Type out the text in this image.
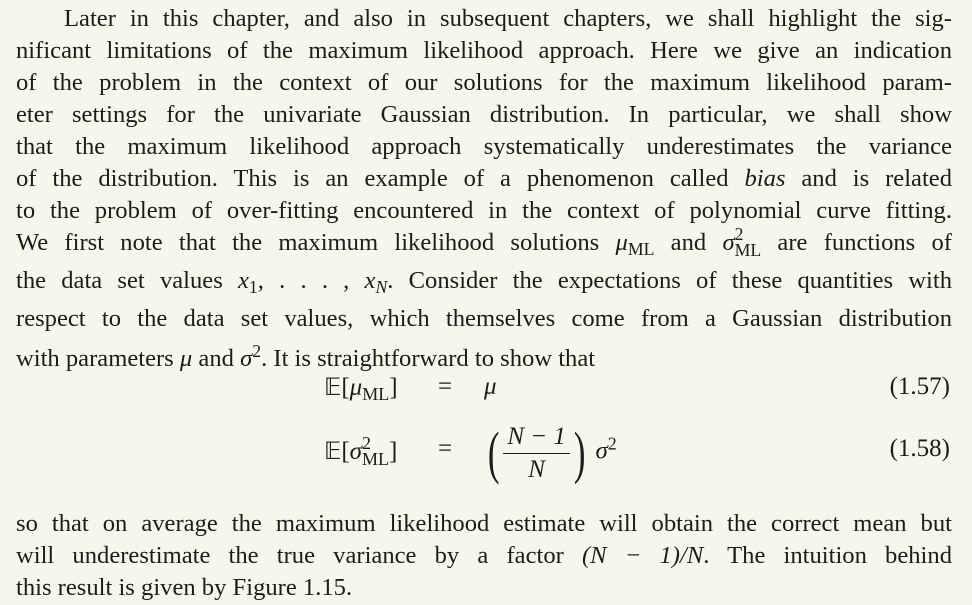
Later in this chapter, and also in subsequent chapters, we shall highlight the sig-
nificant limitations of the maximum likelihood approach. Here we give an indication
of the problem in the context of our solutions for the maximum likelihood param-
eter settings for the univariate Gaussian distribution. In particular, we shall show
that the maximum likelihood approach systematically underestimates the variance
of the distribution. This is an example of a phenomenon called bias and is related
to the problem of over-fitting encountered in the context of polynomial curve fitting.
We first note that the maximum likelihood solutions $\mu_{ML}$ and σ 2
ML are functions of
the data set values $x_1$, . . . , $x_N$. Consider the expectations of these quantities with
respect to the data set values, which themselves come from a Gaussian distribution
with parameters μ and $\sigma^2$. It is straightforward to show that
$𝔼[\mu_{ML}] = \mu$	(1.57)
𝔼[σ 2
ML ] = ( $\frac{N - 1}{N}$ ) $\sigma^2$	(1.58)
so that on average the maximum likelihood estimate will obtain the correct mean but
will underestimate the true variance by a factor (N − 1)/N. The intuition behind
this result is given by Figure 1.15.
